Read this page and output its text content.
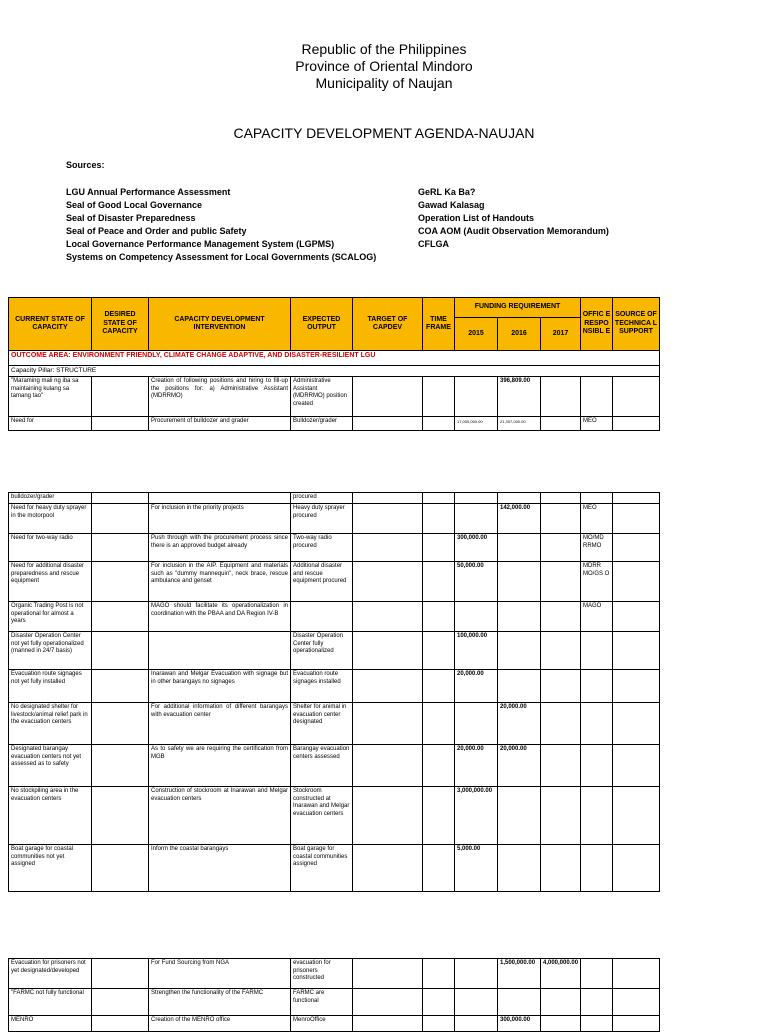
Republic of the Philippines
Province of Oriental Mindoro
Municipality of Naujan
CAPACITY DEVELOPMENT AGENDA-NAUJAN
Sources:
LGU Annual Performance Assessment
Seal of Good Local Governance
Seal of Disaster Preparedness
Seal of Peace and Order and public Safety
Local Governance Performance Management System (LGPMS)
Systems on Competency Assessment for Local Governments (SCALOG)
GeRL Ka Ba?
Gawad Kalasag
Operation List of Handouts
COA AOM (Audit Observation Memorandum)
CFLGA
CURRENT STATE OF CAPACITY	DESIRED STATE OF CAPACITY	CAPACITY DEVELOPMENT INTERVENTION	EXPECTED OUTPUT	TARGET OF CAPDEV	TIME FRAME	FUNDING REQUIREMENT			OFFIC E RESPO NSIBL E	SOURCE OF TECHNICA L SUPPORT
						2015	2016	2017		
OUTCOME AREA: ENVIRONMENT FRIENDLY, CLIMATE CHANGE ADAPTIVE, AND DISASTER-RESILIENT LGU										
Capacity Pillar: STRUCTURE										
"Maraming mali ng iba sa maintaining kulang sa tamang tao"		Creation of following positions and hiring to fill-up the positions for: a) Administrative Assistant (MDRRMO)	Administrative Assistant (MDRRMO) position created				396,809.00			
Need for		Procurement of bulldozer and grader	Bulldozer/grader			17,000,000.00	21,397,000.00		MEO	
bulldozer/grader			procured							
Need for heavy duty sprayer in the motorpool		For inclusion in the priority projects	Heavy duty sprayer procured				142,000.00		MEO	
Need for two-way radio		Push through with the procurement process since there is an approved budget already	Two-way radio procured			300,000.00			MO/MD RRMO	
Need for additional disaster preparedness and rescue equipment		For inclusion in the AIP. Equipment and materials such as "dummy mannequin", neck brace, rescue ambulance and genset	Additional disaster and rescue equipment procured			50,000.00			MDRR MO/GS O	
Organic Trading Post is not operational for almost a years		MAGO should facilitate its operationalization in coordination with the PBAA and DA Region IV-B							MAGO	
Disaster Operation Center not yet fully operationalized (manned in 24/7 basis)			Disaster Operation Center fully operationalized			100,000.00				
Evacuation route signages not yet fully installed		Inarawan and Melgar Evacuation with signage but in other barangays no signages	Evacuation route signages installed			20,000.00				
No designated shelter for livestock/animal relief park in the evacuation centers		For additional information of different barangays with evacuation center	Shelter for animal in evacuation center designated				20,000.00			
Designated barangay evacuation centers not yet assessed as to safety		As to safety we are requiring the certification from MGB	Barangay evacuation centers assessed			20,000.00	20,000.00			
No stockpiling area in the evacuation centers		Construction of stockroom at Inarawan and Melgar evacuation centers	Stockroom constructed at Inarawan and Melgar evacuation centers			3,000,000.00				
Boat garage for coastal communities not yet assigned		Inform the coastal barangays	Boat garage for coastal communities assigned			5,000.00				
Evacuation for prisoners not yet designated/developed		For Fund Sourcing from NGA	evacuation for prisoners constructed				1,500,000.00	4,000,000.00		
"FARMC not fully functional		Strengthen the functionality of the FARMC	FARMC are functional							
MENRO		Creation of the MENRO office	MenroOffice				300,000.00			
